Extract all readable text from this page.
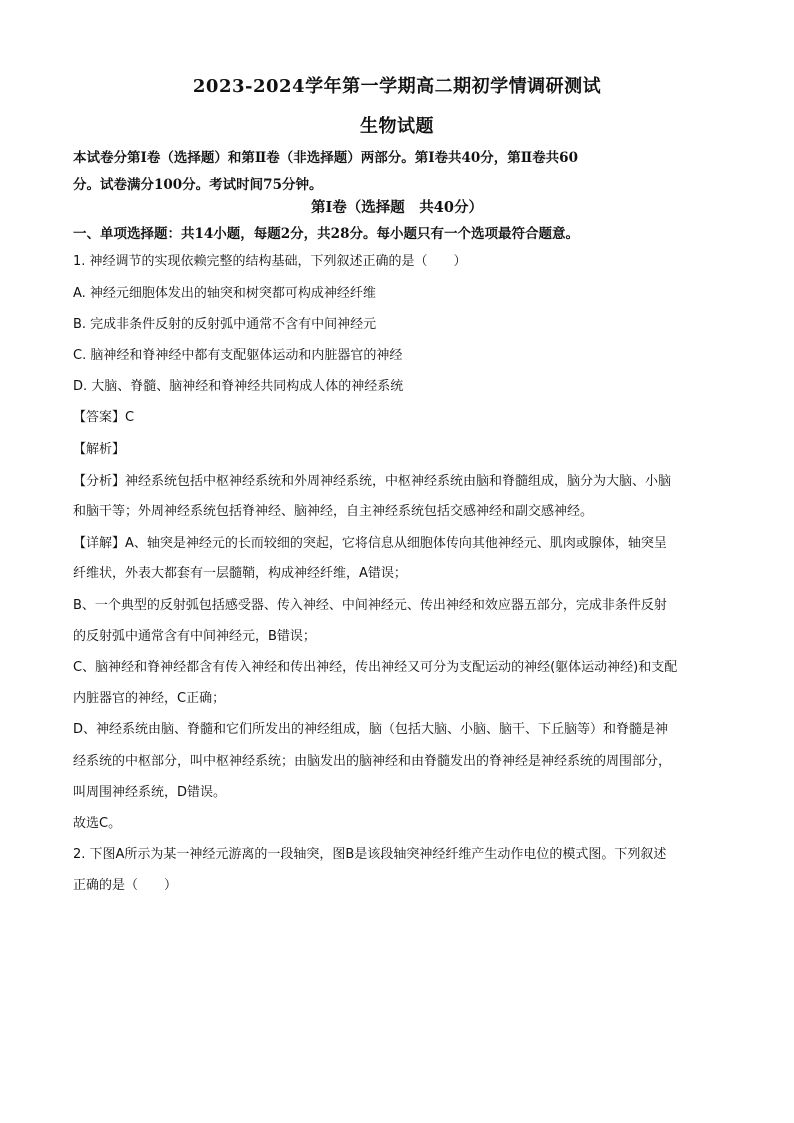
2023-2024学年第一学期高二期初学情调研测试
生物试题
本试卷分第Ⅰ卷（选择题）和第Ⅱ卷（非选择题）两部分。第Ⅰ卷共40分，第Ⅱ卷共60
分。试卷满分100分。考试时间75分钟。
第Ⅰ卷（选择题　共40分）
一、单项选择题：共14小题，每题2分，共28分。每小题只有一个选项最符合题意。
1. 神经调节的实现依赖完整的结构基础，下列叙述正确的是（　　）
A. 神经元细胞体发出的轴突和树突都可构成神经纤维
B. 完成非条件反射的反射弧中通常不含有中间神经元
C. 脑神经和脊神经中都有支配躯体运动和内脏器官的神经
D. 大脑、脊髓、脑神经和脊神经共同构成人体的神经系统
【答案】C
【解析】
【分析】神经系统包括中枢神经系统和外周神经系统，中枢神经系统由脑和脊髓组成，脑分为大脑、小脑
和脑干等；外周神经系统包括脊神经、脑神经，自主神经系统包括交感神经和副交感神经。
【详解】A、轴突是神经元的长而较细的突起，它将信息从细胞体传向其他神经元、肌肉或腺体，轴突呈
纤维状，外表大都套有一层髓鞘，构成神经纤维，A错误；
B、一个典型的反射弧包括感受器、传入神经、中间神经元、传出神经和效应器五部分，完成非条件反射
的反射弧中通常含有中间神经元，B错误；
C、脑神经和脊神经都含有传入神经和传出神经，传出神经又可分为支配运动的神经(躯体运动神经)和支配
内脏器官的神经，C正确；
D、神经系统由脑、脊髓和它们所发出的神经组成，脑（包括大脑、小脑、脑干、下丘脑等）和脊髓是神
经系统的中枢部分，叫中枢神经系统；由脑发出的脑神经和由脊髓发出的脊神经是神经系统的周围部分，
叫周围神经系统，D错误。
故选C。
2. 下图A所示为某一神经元游离的一段轴突，图B是该段轴突神经纤维产生动作电位的模式图。下列叙述
正确的是（　　）
